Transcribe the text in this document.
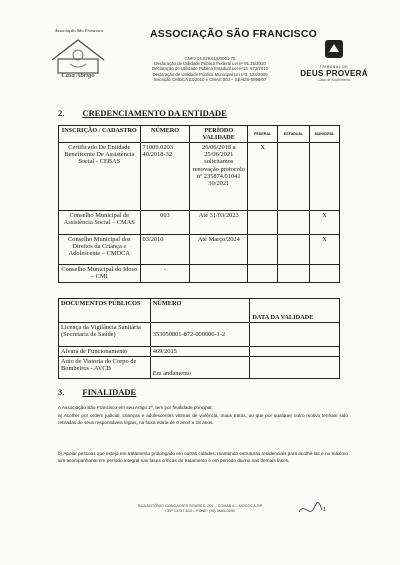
Associação São Francisco
Casa Abrigo
ASSOCIAÇÃO SÃO FRANCISCO
CNPJ 04.029.515/0001-75
Declaração de Utilidade Pública Federal Lei nº 91.35/2010
Declaração de Utilidade Pública Estadual Lei nº13. 973/2010
Declaração de Utilidade Pública Municipal Lei nº3. 133/2000
Inscrição CMDCA 03/2010 e CMAS 003 – SEADS-5998/07
TRIBUNAL DE
DEUS PROVERÁ
Casa de Acolhimento
2. CREDENCIAMENTO DA ENTIDADE
INSCRIÇÃO / CADASTRO	NÚMERO	PERÍODO VALIDADE	FEDERAL	ESTADUAL	MUNICIPAL
Certificado De Entidade Beneficente De Assistência Social - CEBAS	71000.0203 40/2018-32	26/06/2018 a 25/06/2021 solicitamos renovação protocolo nº 235874.01041 30/2021	X		
Conselho Municipal de Assistência Social – CMAS	003	Até 31/03/2023			X
Conselho Municipal dos Direitos da Criança e Adolescente – CMDCA	03/2010	Até Março/2024			X
Conselho Municipal do Idoso – CMI	-				
DOCUMENTOS PÚBLICOS	NÚMERO	DATA DA VALIDADE
Licença da Vigilância Sanitária (Secretaria de Saúde)	353050801-872-000006-1-2	
Alvará de Funcionamento	469/2015	
Auto de Vistoria do Corpo de Bombeiros - AVCB	Em andamento	
3. FINALIDADE
A Associação São Francisco em seu Artigo 2º, tem por finalidade principal:
a) Acolher por ordem judicial, crianças e adolescentes vítimas de violência, maus tratos, ou que por qualquer outro motivo tenham sido retiradas de seus responsáveis legais, na faixa etária de 0 anos a 18 anos.
b) Apoiar pessoas que esteja em tratamento prolongado em outras cidades, mantendo estruturas residenciais para acolhê-las e no máximo sim acompanhante em período integral nas fases críticas do tratamento e em período diurno nas demais fases.
RUA ANTÔNIO GONÇALVES SOARES, 201 – COHAB II – MOCOCA-SP
CEP 13737-610 – FONE: (19) 3665-0490	1
